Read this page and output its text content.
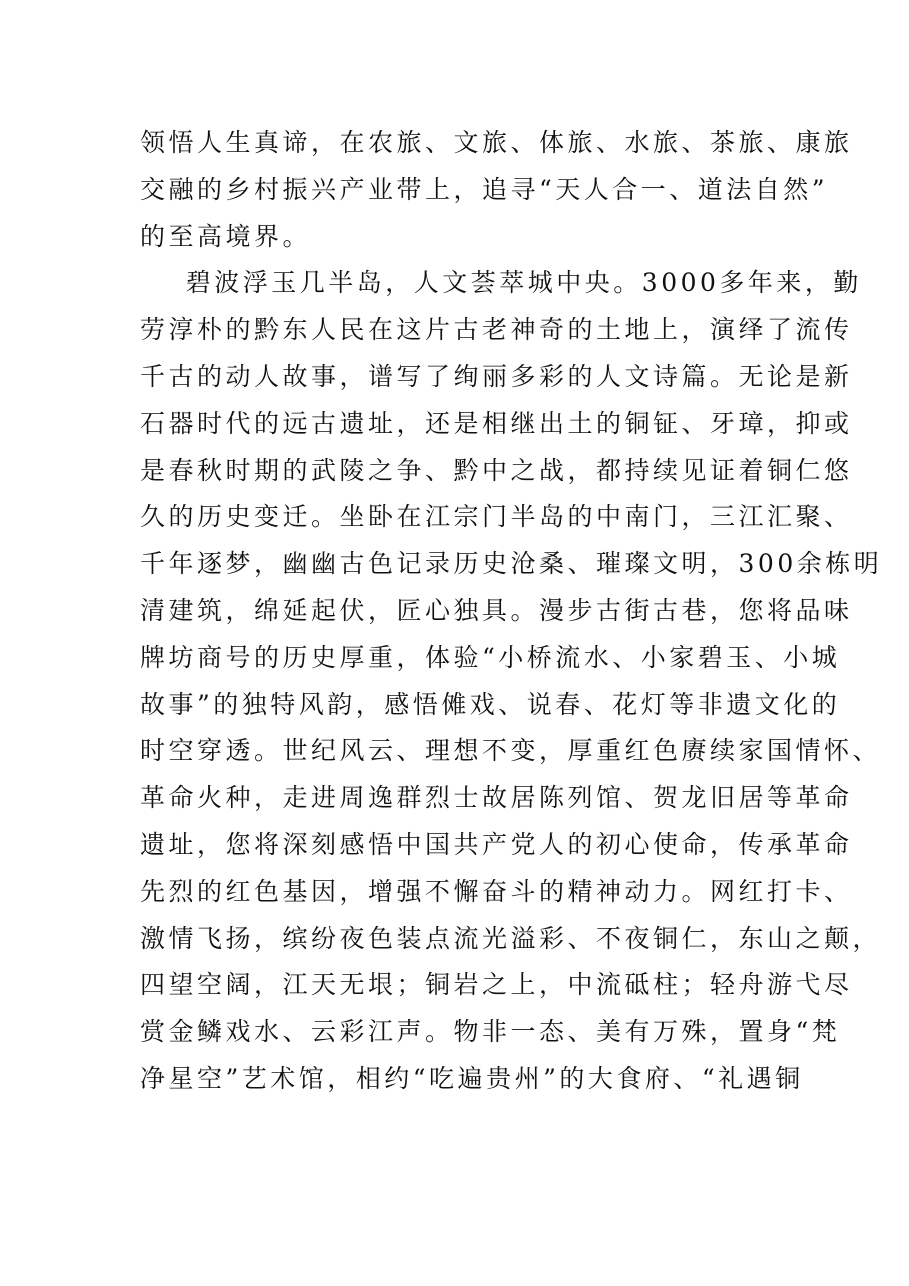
领悟人生真谛，在农旅、文旅、体旅、水旅、茶旅、康旅
交融的乡村振兴产业带上，追寻“天人合一、道法自然”
的至高境界。
碧波浮玉几半岛，人文荟萃城中央。3000多年来，勤
劳淳朴的黔东人民在这片古老神奇的土地上，演绎了流传
千古的动人故事，谱写了绚丽多彩的人文诗篇。无论是新
石器时代的远古遗址，还是相继出土的铜钲、牙璋，抑或
是春秋时期的武陵之争、黔中之战，都持续见证着铜仁悠
久的历史变迁。坐卧在江宗门半岛的中南门，三江汇聚、
千年逐梦，幽幽古色记录历史沧桑、璀璨文明，300余栋明
清建筑，绵延起伏，匠心独具。漫步古街古巷，您将品味
牌坊商号的历史厚重，体验“小桥流水、小家碧玉、小城
故事”的独特风韵，感悟傩戏、说春、花灯等非遗文化的
时空穿透。世纪风云、理想不变，厚重红色赓续家国情怀、
革命火种，走进周逸群烈士故居陈列馆、贺龙旧居等革命
遗址，您将深刻感悟中国共产党人的初心使命，传承革命
先烈的红色基因，增强不懈奋斗的精神动力。网红打卡、
激情飞扬，缤纷夜色装点流光溢彩、不夜铜仁，东山之颠，
四望空阔，江天无垠；铜岩之上，中流砥柱；轻舟游弋尽
赏金鳞戏水、云彩江声。物非一态、美有万殊，置身“梵
净星空”艺术馆，相约“吃遍贵州”的大食府、“礼遇铜
